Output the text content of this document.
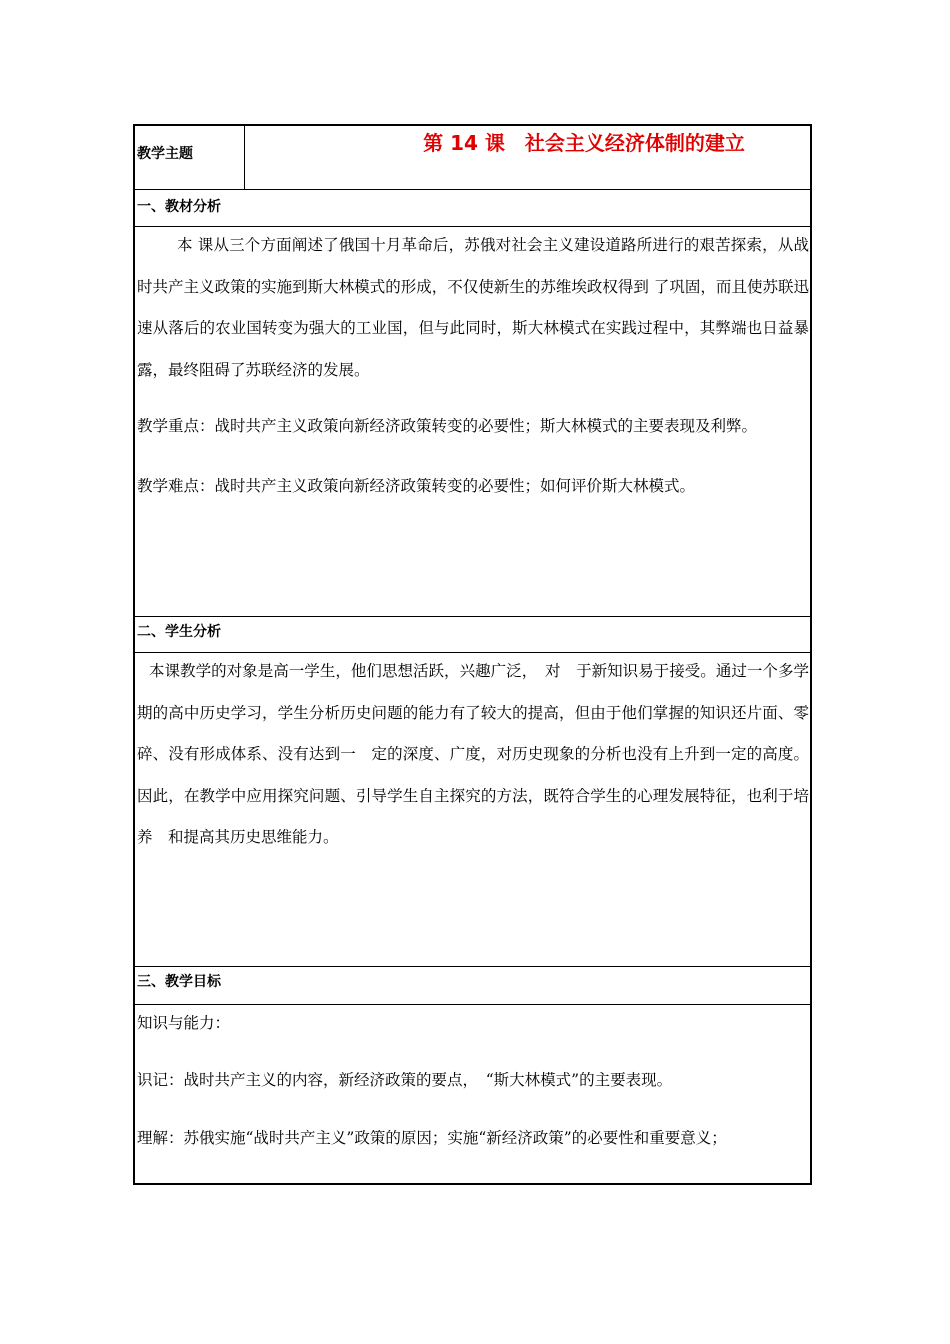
教学主题	第 14 课　社会主义经济体制的建立
一、教材分析
本 课从三个方面阐述了俄国十月革命后，苏俄对社会主义建设道路所进行的艰苦探索，从战时共产主义政策的实施到斯大林模式的形成，不仅使新生的苏维埃政权得到 了巩固，而且使苏联迅速从落后的农业国转变为强大的工业国，但与此同时，斯大林模式在实践过程中，其弊端也日益暴露，最终阻碍了苏联经济的发展。
教学重点：战时共产主义政策向新经济政策转变的必要性；斯大林模式的主要表现及利弊。
教学难点：战时共产主义政策向新经济政策转变的必要性；如何评价斯大林模式。
二、学生分析
本课教学的对象是高一学生，他们思想活跃，兴趣广泛，　对　于新知识易于接受。通过一个多学期的高中历史学习，学生分析历史问题的能力有了较大的提高，但由于他们掌握的知识还片面、零碎、没有形成体系、没有达到一　定的深度、广度，对历史现象的分析也没有上升到一定的高度。因此，在教学中应用探究问题、引导学生自主探究的方法，既符合学生的心理发展特征，也利于培养　和提高其历史思维能力。
三、教学目标
知识与能力：
识记：战时共产主义的内容，新经济政策的要点，　“斯大林模式”的主要表现。
理解：苏俄实施“战时共产主义”政策的原因；实施“新经济政策”的必要性和重要意义；
